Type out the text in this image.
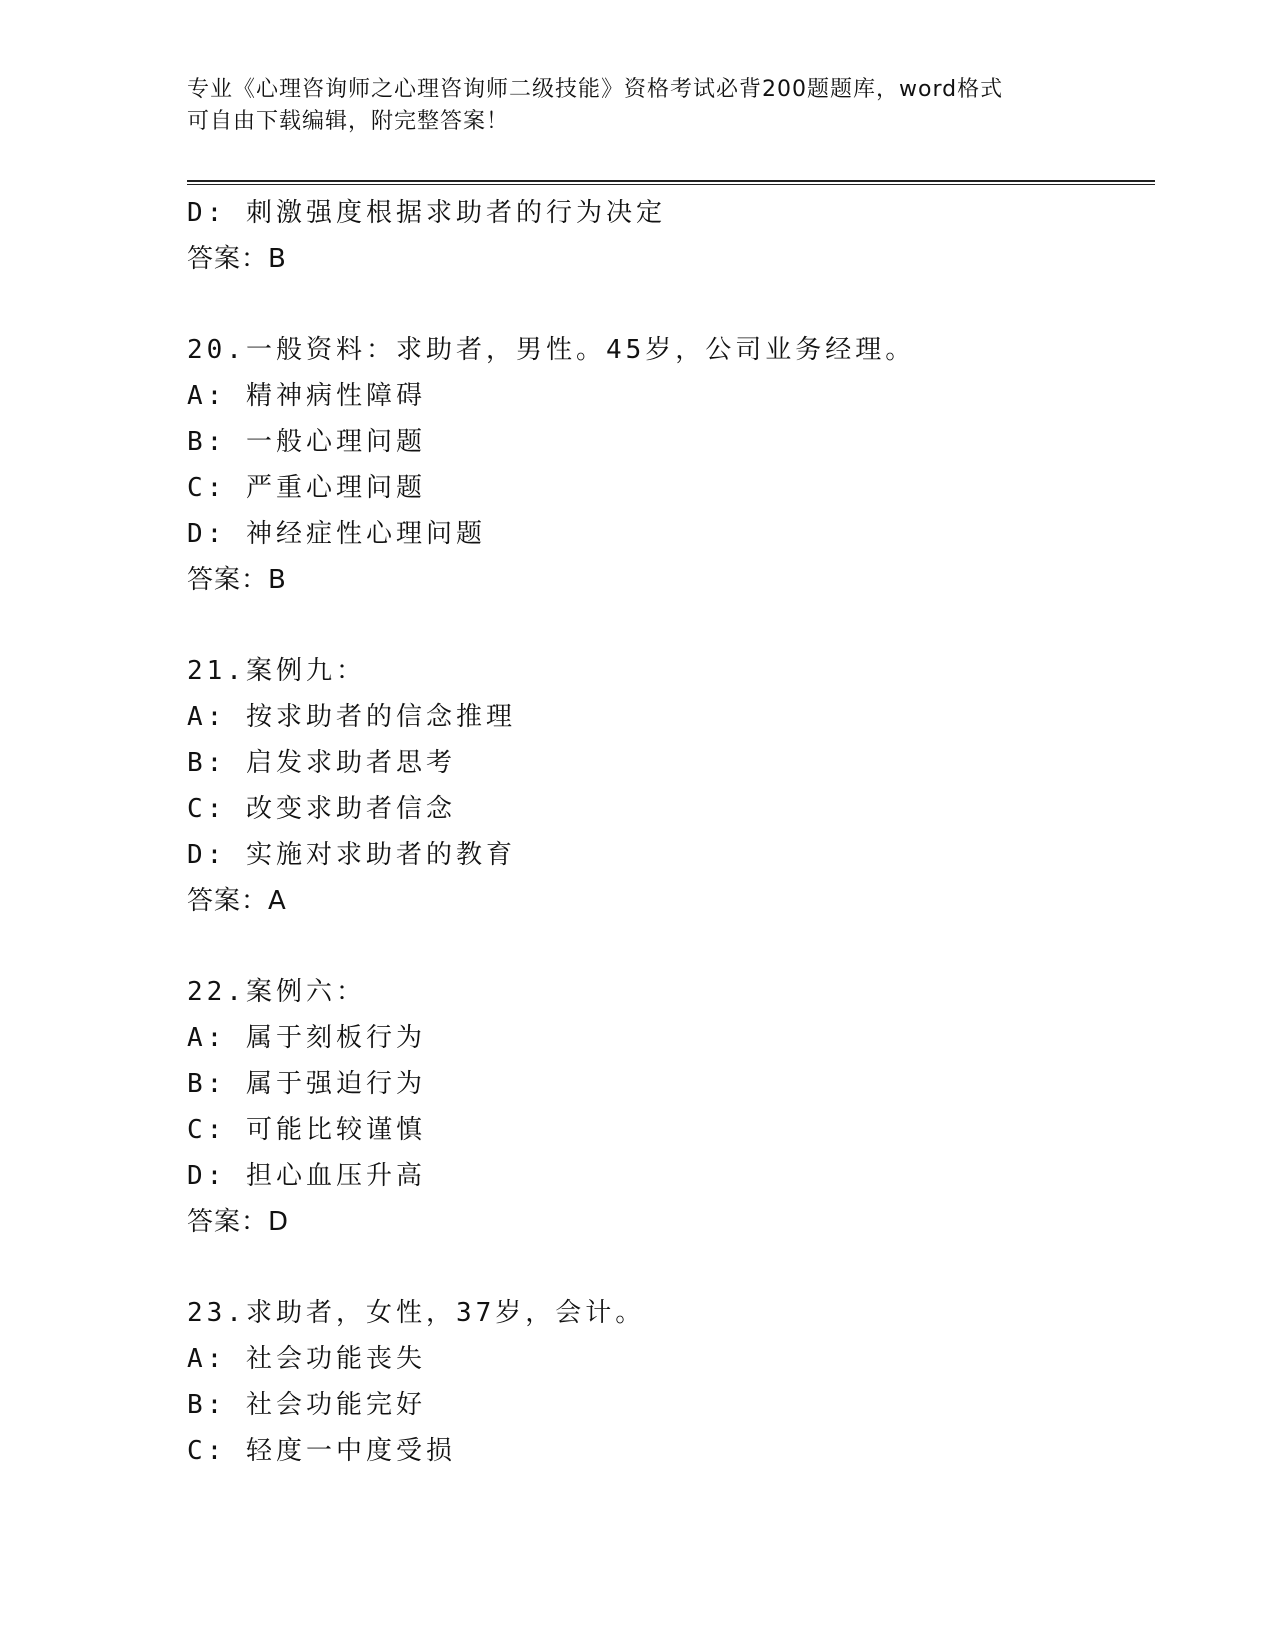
专业《心理咨询师之心理咨询师二级技能》资格考试必背200题题库，word格式
可自由下载编辑，附完整答案！
D: 刺激强度根据求助者的行为决定
答案：B
20.一般资料：求助者，男性。45岁，公司业务经理。
A: 精神病性障碍
B: 一般心理问题
C: 严重心理问题
D: 神经症性心理问题
答案：B
21.案例九：
A: 按求助者的信念推理
B: 启发求助者思考
C: 改变求助者信念
D: 实施对求助者的教育
答案：A
22.案例六：
A: 属于刻板行为
B: 属于强迫行为
C: 可能比较谨慎
D: 担心血压升高
答案：D
23.求助者，女性，37岁，会计。
A: 社会功能丧失
B: 社会功能完好
C: 轻度一中度受损
